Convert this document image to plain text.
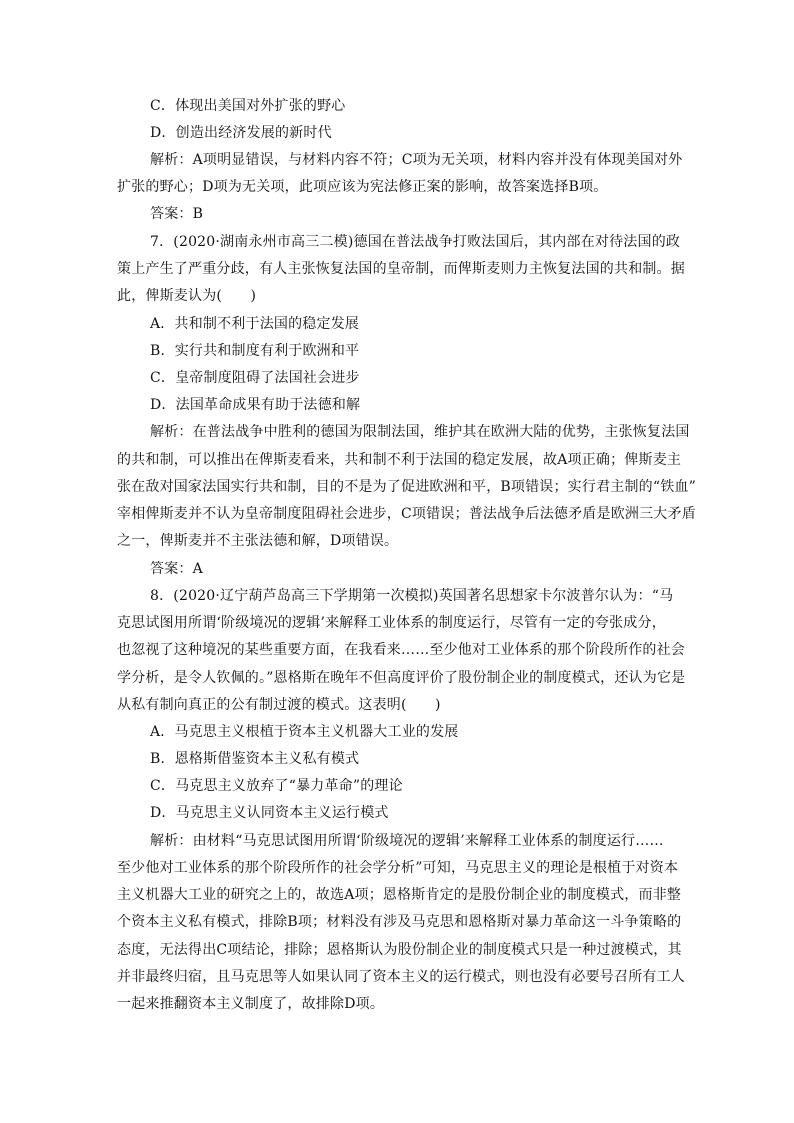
C．体现出美国对外扩张的野心
D．创造出经济发展的新时代
解析：A项明显错误，与材料内容不符；C项为无关项，材料内容并没有体现美国对外
扩张的野心；D项为无关项，此项应该为宪法修正案的影响，故答案选择B项。
答案：B
7．(2020·湖南永州市高三二模)德国在普法战争打败法国后，其内部在对待法国的政
策上产生了严重分歧，有人主张恢复法国的皇帝制，而俾斯麦则力主恢复法国的共和制。据
此，俾斯麦认为(　　)
A．共和制不利于法国的稳定发展
B．实行共和制度有利于欧洲和平
C．皇帝制度阻碍了法国社会进步
D．法国革命成果有助于法德和解
解析：在普法战争中胜利的德国为限制法国，维护其在欧洲大陆的优势，主张恢复法国
的共和制，可以推出在俾斯麦看来，共和制不利于法国的稳定发展，故A项正确；俾斯麦主
张在敌对国家法国实行共和制，目的不是为了促进欧洲和平，B项错误；实行君主制的“铁血”
宰相俾斯麦并不认为皇帝制度阻碍社会进步，C项错误；普法战争后法德矛盾是欧洲三大矛盾
之一，俾斯麦并不主张法德和解，D项错误。
答案：A
8．(2020·辽宁葫芦岛高三下学期第一次模拟)英国著名思想家卡尔波普尔认为：“马
克思试图用所谓‘阶级境况的逻辑’来解释工业体系的制度运行，尽管有一定的夸张成分，
也忽视了这种境况的某些重要方面，在我看来……至少他对工业体系的那个阶段所作的社会
学分析，是令人钦佩的。”恩格斯在晚年不但高度评价了股份制企业的制度模式，还认为它是
从私有制向真正的公有制过渡的模式。这表明(　　)
A．马克思主义根植于资本主义机器大工业的发展
B．恩格斯借鉴资本主义私有模式
C．马克思主义放弃了“暴力革命”的理论
D．马克思主义认同资本主义运行模式
解析：由材料“马克思试图用所谓‘阶级境况的逻辑’来解释工业体系的制度运行……
至少他对工业体系的那个阶段所作的社会学分析”可知，马克思主义的理论是根植于对资本
主义机器大工业的研究之上的，故选A项；恩格斯肯定的是股份制企业的制度模式，而非整
个资本主义私有模式，排除B项；材料没有涉及马克思和恩格斯对暴力革命这一斗争策略的
态度，无法得出C项结论，排除；恩格斯认为股份制企业的制度模式只是一种过渡模式，其
并非最终归宿，且马克思等人如果认同了资本主义的运行模式，则也没有必要号召所有工人
一起来推翻资本主义制度了，故排除D项。
